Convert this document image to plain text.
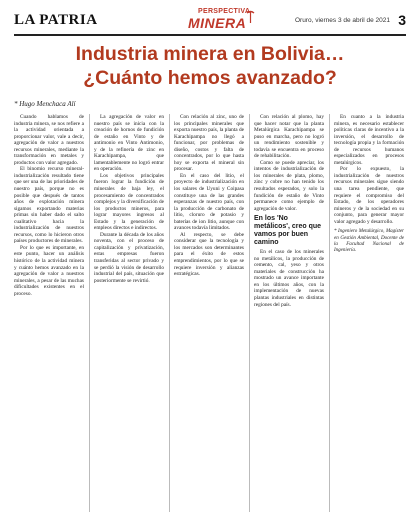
LA PATRIA
PERSPECTIVA
MINERA	Oruro, viernes 3 de abril de 2021 3
Industria minera en Bolivia…
¿Cuánto hemos avanzado?
* Hugo Menchaca Alí

Cuando hablamos de industria minera, se nos refiere a la actividad orientada a proporcionar valor, vale a decir, agregación de valor a nuestros recursos minerales, mediante la transformación en metales y productos con valor agregado.

El binomio recurso mineral-industrialización resultado tiene que ser una de las prioridades de nuestro país, porque no es posible que después de tantos años de explotación minera sigamos exportando materias primas sin haber dado el salto cualitativo hacia la industrialización de nuestros recursos, como lo hicieron otros países productores de minerales.

Por lo que es importante, en este punto, hacer un análisis histórico de la actividad minera y cuánto hemos avanzado en la agregación de valor a nuestros minerales, a pesar de las muchas dificultades existentes en el proceso.

La agregación de valor en nuestro país se inicia con la creación de hornos de fundición de estaño en Vinto y de antimonio en Vinto Antimonio, y de la refinería de zinc en Karachipampa, que lamentablemente no logró entrar en operación.

Los objetivos principales fueron lograr la fundición de minerales de baja ley, el procesamiento de concentrados complejos y la diversificación de los productos mineros, para lograr mayores ingresos al Estado y la generación de empleos directos e indirectos.

Durante la década de los años noventa, con el proceso de capitalización y privatización, estas empresas fueron transferidas al sector privado y se perdió la visión de desarrollo industrial del país, situación que posteriormente se revirtió.

Con relación al zinc, uno de los principales minerales que exporta nuestro país, la planta de Karachipampa no llegó a funcionar, por problemas de diseño, costos y falta de concentrados, por lo que hasta hoy se exporta el mineral sin procesar.

En el caso del litio, el proyecto de industrialización en los salares de Uyuni y Coipasa constituye una de las grandes esperanzas de nuestro país, con la producción de carbonato de litio, cloruro de potasio y baterías de ion litio, aunque con avances todavía limitados.

Al respecto, se debe considerar que la tecnología y los mercados son determinantes para el éxito de estos emprendimientos, por lo que se requiere inversión y alianzas estratégicas.

Con relación al plomo, hay que hacer notar que la planta Metalúrgica Karachipampa se puso en marcha, pero no logró un rendimiento sostenible y todavía se encuentra en proceso de rehabilitación.

Como se puede apreciar, los intentos de industrialización de los minerales de plata, plomo, zinc y cobre no han tenido los resultados esperados, y solo la fundición de estaño de Vinto permanece como ejemplo de agregación de valor.

En los 'No metálicos', creo que vamos por buen camino

En el caso de los minerales no metálicos, la producción de cemento, cal, yeso y otros materiales de construcción ha mostrado un avance importante en los últimos años, con la implementación de nuevas plantas industriales en distintas regiones del país.

En cuanto a la industria minera, es necesario establecer políticas claras de incentivo a la inversión, el desarrollo de tecnología propia y la formación de recursos humanos especializados en procesos metalúrgicos.

Por lo expuesto, la industrialización de nuestros recursos minerales sigue siendo una tarea pendiente, que requiere el compromiso del Estado, de los operadores mineros y de la sociedad en su conjunto, para generar mayor valor agregado y desarrollo.

* Ingeniero Metalúrgico, Magíster en Gestión Ambiental, Docente de la Facultad Nacional de Ingeniería.
